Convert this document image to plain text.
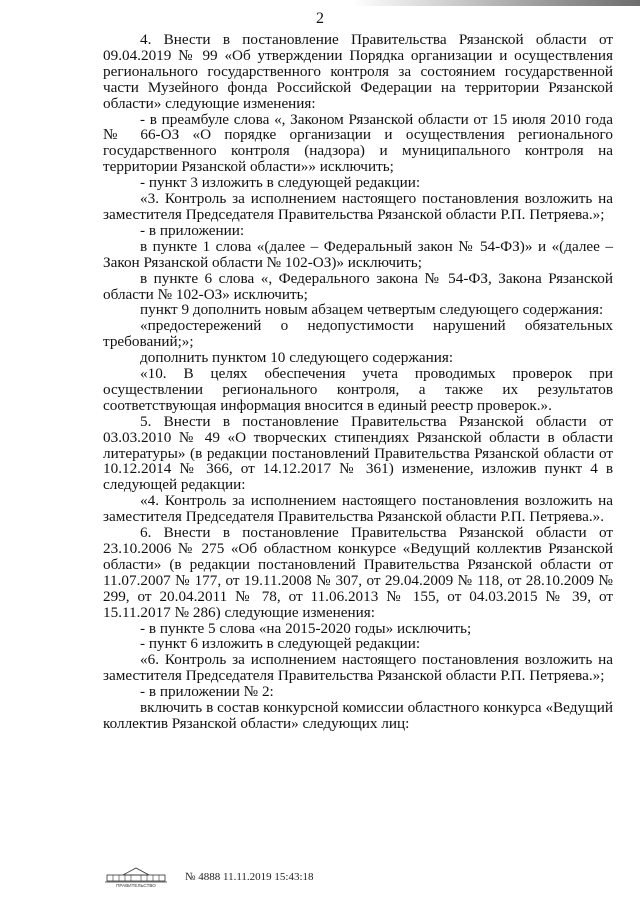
2

4. Внести в постановление Правительства Рязанской области от 09.04.2019 № 99 «Об утверждении Порядка организации и осуществления регионального государственного контроля за состоянием государственной части Музейного фонда Российской Федерации на территории Рязанской области» следующие изменения:

- в преамбуле слова «, Законом Рязанской области от 15 июля 2010 года № 66-ОЗ «О порядке организации и осуществления регионального государственного контроля (надзора) и муниципального контроля на территории Рязанской области»» исключить;

- пункт 3 изложить в следующей редакции:

«3. Контроль за исполнением настоящего постановления возложить на заместителя Председателя Правительства Рязанской области Р.П. Петряева.»;

- в приложении:

в пункте 1 слова «(далее – Федеральный закон № 54-ФЗ)» и «(далее – Закон Рязанской области № 102-ОЗ)» исключить;

в пункте 6 слова «, Федерального закона № 54-ФЗ, Закона Рязанской области № 102-ОЗ» исключить;

пункт 9 дополнить новым абзацем четвертым следующего содержания:

«предостережений о недопустимости нарушений обязательных требований;»;

дополнить пунктом 10 следующего содержания:

«10. В целях обеспечения учета проводимых проверок при осуществлении регионального контроля, а также их результатов соответствующая информация вносится в единый реестр проверок.».

5. Внести в постановление Правительства Рязанской области от 03.03.2010 № 49 «О творческих стипендиях Рязанской области в области литературы» (в редакции постановлений Правительства Рязанской области от 10.12.2014 № 366, от 14.12.2017 № 361) изменение, изложив пункт 4 в следующей редакции:

«4. Контроль за исполнением настоящего постановления возложить на заместителя Председателя Правительства Рязанской области Р.П. Петряева.».

6. Внести в постановление Правительства Рязанской области от 23.10.2006 № 275 «Об областном конкурсе «Ведущий коллектив Рязанской области» (в редакции постановлений Правительства Рязанской области от 11.07.2007 № 177, от 19.11.2008 № 307, от 29.04.2009 № 118, от 28.10.2009 № 299, от 20.04.2011 № 78, от 11.06.2013 № 155, от 04.03.2015 № 39, от 15.11.2017 № 286) следующие изменения:

- в пункте 5 слова «на 2015-2020 годы» исключить;

- пункт 6 изложить в следующей редакции:

«6. Контроль за исполнением настоящего постановления возложить на заместителя Председателя Правительства Рязанской области Р.П. Петряева.»;

- в приложении № 2:

включить в состав конкурсной комиссии областного конкурса «Ведущий коллектив Рязанской области» следующих лиц:

ПРАВИТЕЛЬСТВО
№ 4888 11.11.2019 15:43:18
